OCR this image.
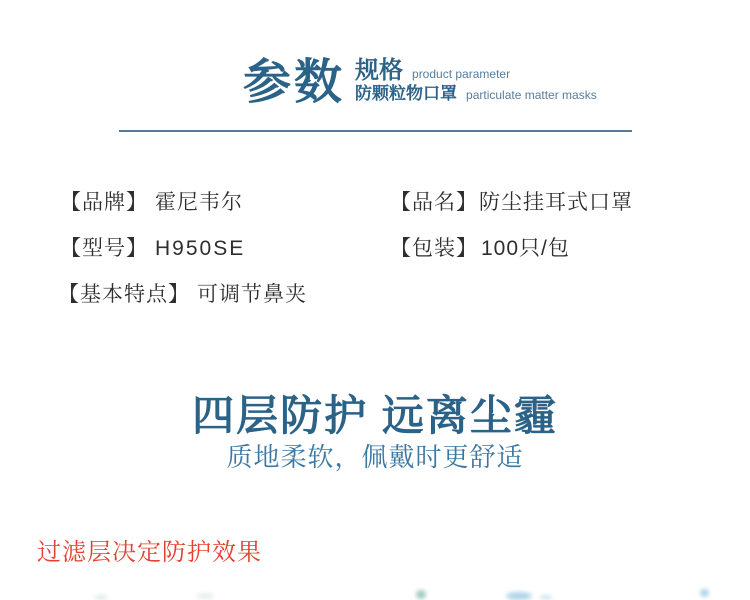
参数 规格 product parameter
防颗粒物口罩 particulate matter masks
【品牌】 霍尼韦尔	【品名】防尘挂耳式口罩
【型号】 H950SE	【包装】 100只/包
【基本特点】 可调节鼻夹
四层防护 远离尘霾
质地柔软，佩戴时更舒适
过滤层决定防护效果
